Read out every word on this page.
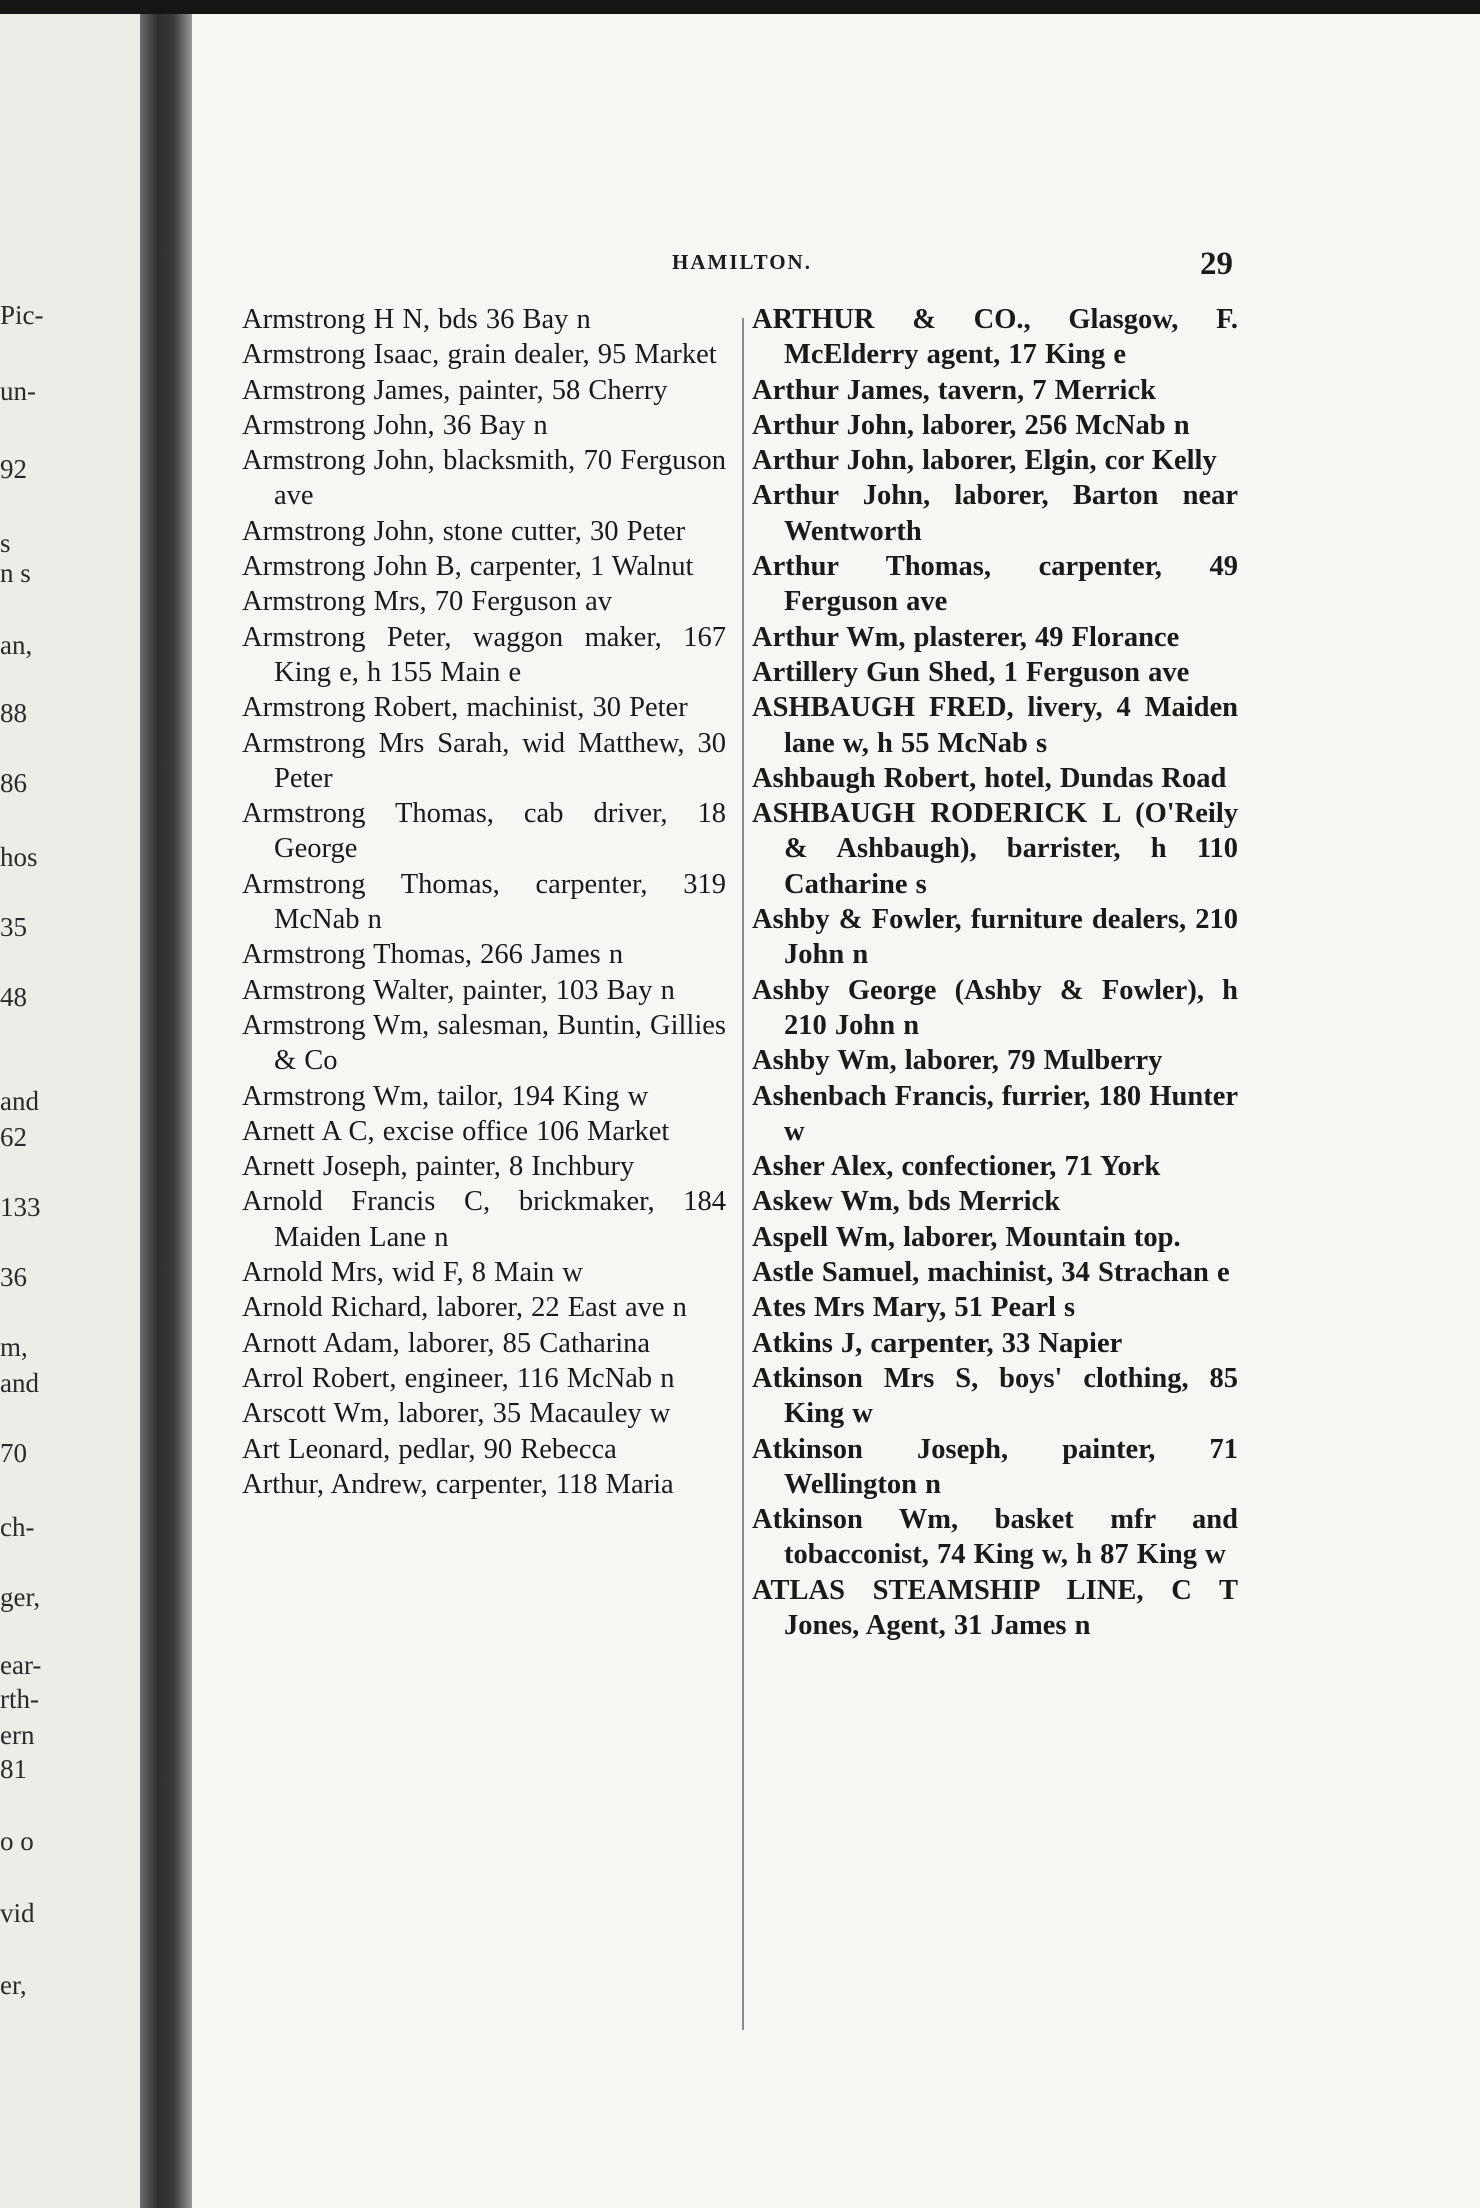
Pic-
un-
92
s
n s
an,
88
86
hos
35
48
and
62
133
36
m,
and
70
ch-
ger,
ear-
rth-
ern
81
o o
vid
er,
HAMILTON.	29
Armstrong H N, bds 36 Bay n
Armstrong Isaac, grain dealer, 95 Market
Armstrong James, painter, 58 Cherry
Armstrong John, 36 Bay n
Armstrong John, blacksmith, 70 Ferguson ave
Armstrong John, stone cutter, 30 Peter
Armstrong John B, carpenter, 1 Walnut
Armstrong Mrs, 70 Ferguson av
Armstrong Peter, waggon maker, 167 King e, h 155 Main e
Armstrong Robert, machinist, 30 Peter
Armstrong Mrs Sarah, wid Matthew, 30 Peter
Armstrong Thomas, cab driver, 18 George
Armstrong Thomas, carpenter, 319 McNab n
Armstrong Thomas, 266 James n
Armstrong Walter, painter, 103 Bay n
Armstrong Wm, salesman, Buntin, Gillies & Co
Armstrong Wm, tailor, 194 King w
Arnett A C, excise office 106 Market
Arnett Joseph, painter, 8 Inchbury
Arnold Francis C, brickmaker, 184 Maiden Lane n
Arnold Mrs, wid F, 8 Main w
Arnold Richard, laborer, 22 East ave n
Arnott Adam, laborer, 85 Catharina
Arrol Robert, engineer, 116 McNab n
Arscott Wm, laborer, 35 Macauley w
Art Leonard, pedlar, 90 Rebecca
Arthur, Andrew, carpenter, 118 Maria
ARTHUR & CO., Glasgow, F. McElderry agent, 17 King e
Arthur James, tavern, 7 Merrick
Arthur John, laborer, 256 McNab n
Arthur John, laborer, Elgin, cor Kelly
Arthur John, laborer, Barton near Wentworth
Arthur Thomas, carpenter, 49 Ferguson ave
Arthur Wm, plasterer, 49 Florance
Artillery Gun Shed, 1 Ferguson ave
ASHBAUGH FRED, livery, 4 Maiden lane w, h 55 McNab s
Ashbaugh Robert, hotel, Dundas Road
ASHBAUGH RODERICK L (O'Reily & Ashbaugh), barrister, h 110 Catharine s
Ashby & Fowler, furniture dealers, 210 John n
Ashby George (Ashby & Fowler), h 210 John n
Ashby Wm, laborer, 79 Mulberry
Ashenbach Francis, furrier, 180 Hunter w
Asher Alex, confectioner, 71 York
Askew Wm, bds Merrick
Aspell Wm, laborer, Mountain top.
Astle Samuel, machinist, 34 Strachan e
Ates Mrs Mary, 51 Pearl s
Atkins J, carpenter, 33 Napier
Atkinson Mrs S, boys' clothing, 85 King w
Atkinson Joseph, painter, 71 Wellington n
Atkinson Wm, basket mfr and tobacconist, 74 King w, h 87 King w
ATLAS STEAMSHIP LINE, C T Jones, Agent, 31 James n
